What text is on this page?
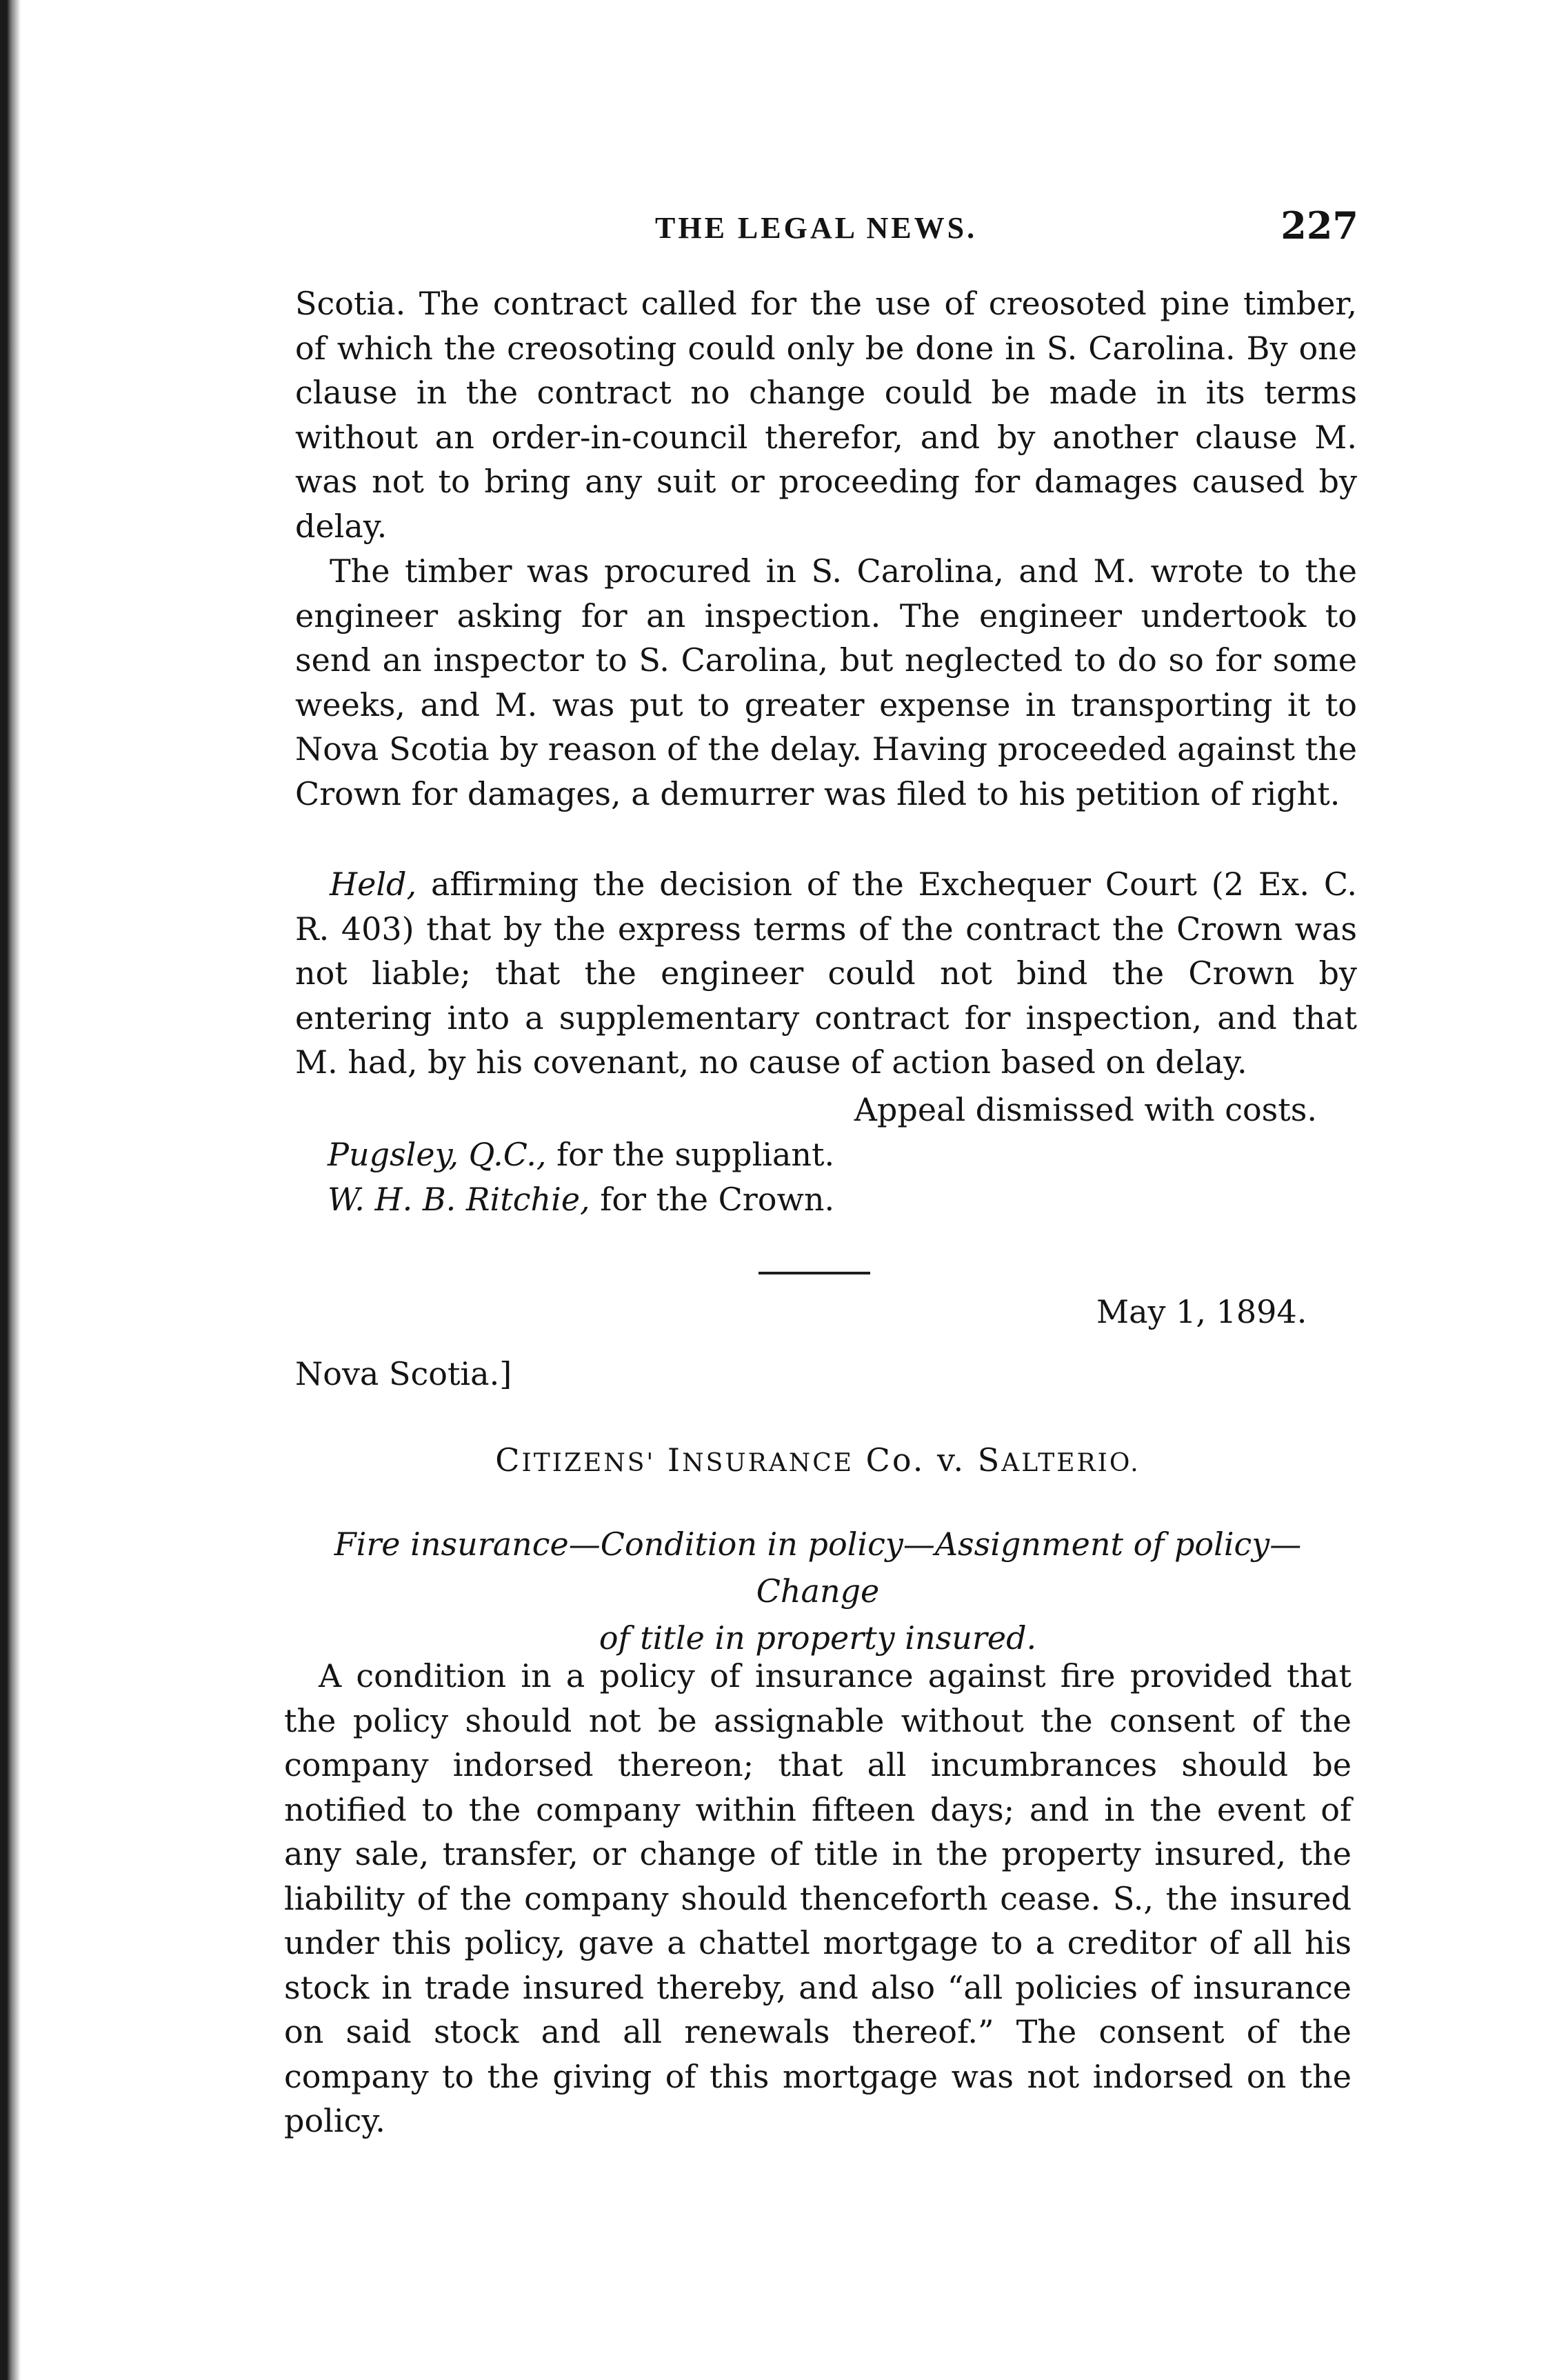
THE LEGAL NEWS.	227

Scotia. The contract called for the use of creosoted pine timber, of which the creosoting could only be done in S. Carolina. By one clause in the contract no change could be made in its terms without an order-in-council therefor, and by another clause M. was not to bring any suit or proceeding for damages caused by delay.

The timber was procured in S. Carolina, and M. wrote to the engineer asking for an inspection. The engineer undertook to send an inspector to S. Carolina, but neglected to do so for some weeks, and M. was put to greater expense in transporting it to Nova Scotia by reason of the delay. Having proceeded against the Crown for damages, a demurrer was filed to his petition of right.

Held, affirming the decision of the Exchequer Court (2 Ex. C. R. 403) that by the express terms of the contract the Crown was not liable; that the engineer could not bind the Crown by entering into a supplementary contract for inspection, and that M. had, by his covenant, no cause of action based on delay.

Appeal dismissed with costs.
Pugsley, Q.C., for the suppliant.
W. H. B. Ritchie, for the Crown.
May 1, 1894.
Nova Scotia.]
CITIZENS' INSURANCE Co. v. SALTERIO.
Fire insurance—Condition in policy—Assignment of policy—Change
of title in property insured.

A condition in a policy of insurance against fire provided that the policy should not be assignable without the consent of the company indorsed thereon; that all incumbrances should be notified to the company within fifteen days; and in the event of any sale, transfer, or change of title in the property insured, the liability of the company should thenceforth cease. S., the insured under this policy, gave a chattel mortgage to a creditor of all his stock in trade insured thereby, and also “all policies of insurance on said stock and all renewals thereof.” The consent of the company to the giving of this mortgage was not indorsed on the policy.
